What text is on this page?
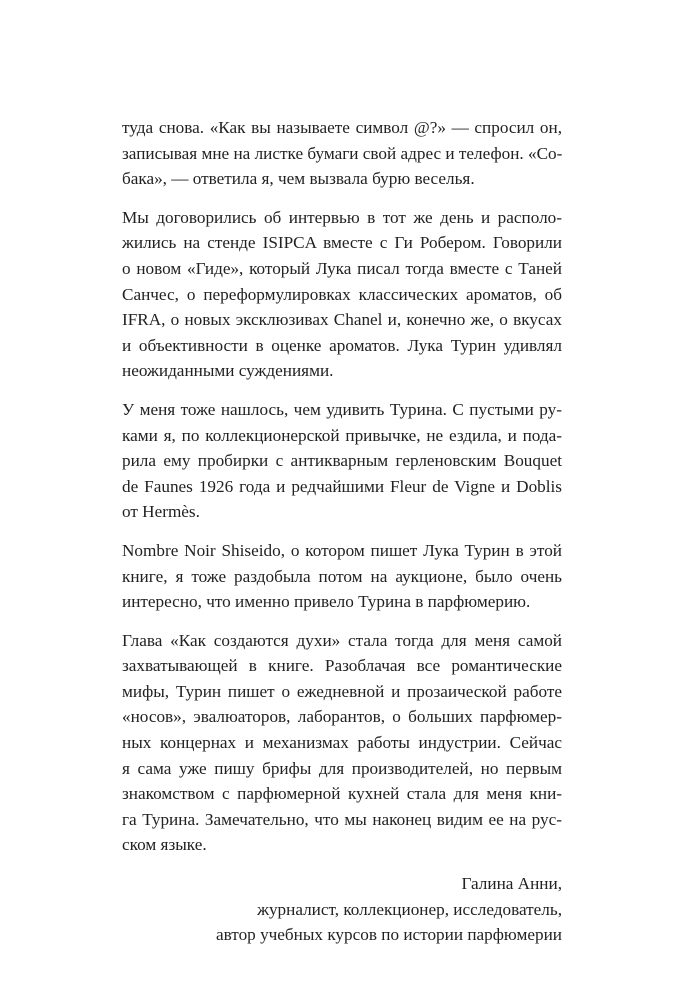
туда снова. «Как вы называете символ @?» — спросил он,
записывая мне на листке бумаги свой адрес и телефон. «Со-
бака», — ответила я, чем вызвала бурю веселья.
Мы договорились об интервью в тот же день и располо-
жились на стенде ISIPCA вместе с Ги Робером. Говорили
о новом «Гиде», который Лука писал тогда вместе с Таней
Санчес, о переформулировках классических ароматов, об
IFRA, о новых эксклюзивах Chanel и, конечно же, о вкусах
и объективности в оценке ароматов. Лука Турин удивлял
неожиданными суждениями.
У меня тоже нашлось, чем удивить Турина. С пустыми ру-
ками я, по коллекционерской привычке, не ездила, и пода-
рила ему пробирки с антикварным герленовским Bouquet
de Faunes 1926 года и редчайшими Fleur de Vigne и Doblis
от Hermès.
Nombre Noir Shiseido, о котором пишет Лука Турин в этой
книге, я тоже раздобыла потом на аукционе, было очень
интересно, что именно привело Турина в парфюмерию.
Глава «Как создаются духи» стала тогда для меня самой
захватывающей в книге. Разоблачая все романтические
мифы, Турин пишет о ежедневной и прозаической работе
«носов», эвалюаторов, лаборантов, о больших парфюмер-
ных концернах и механизмах работы индустрии. Сейчас
я сама уже пишу брифы для производителей, но первым
знакомством с парфюмерной кухней стала для меня кни-
га Турина. Замечательно, что мы наконец видим ее на рус-
ском языке.
Галина Анни,
журналист, коллекционер, исследователь,
автор учебных курсов по истории парфюмерии
